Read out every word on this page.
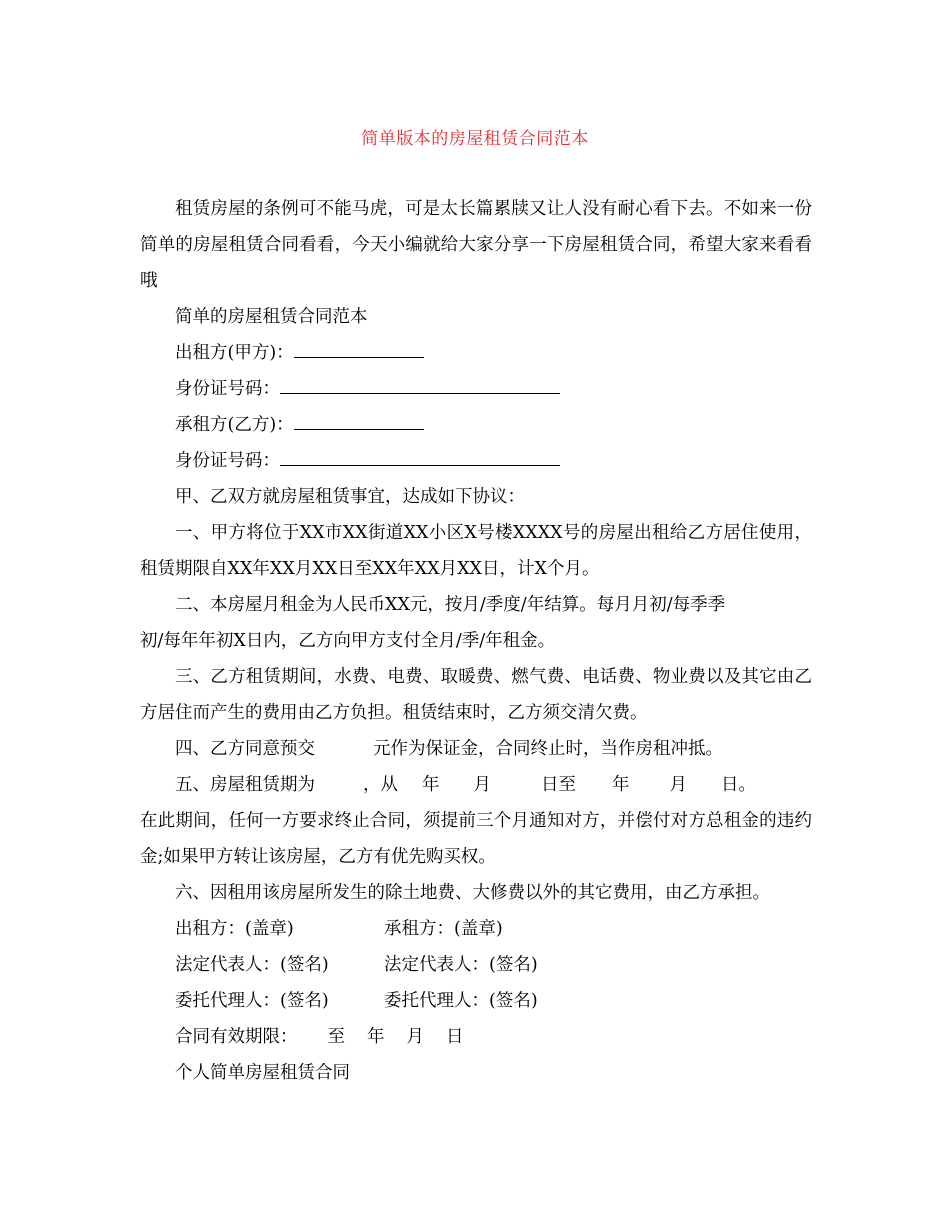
简单版本的房屋租赁合同范本

租赁房屋的条例可不能马虎，可是太长篇累牍又让人没有耐心看下去。不如来一份简单的房屋租赁合同看看，今天小编就给大家分享一下房屋租赁合同，希望大家来看看哦

简单的房屋租赁合同范本

出租方(甲方)：

身份证号码：

承租方(乙方)：

身份证号码：

甲、乙双方就房屋租赁事宜，达成如下协议：

一、甲方将位于XX市XX街道XX小区X号楼XXXX号的房屋出租给乙方居住使用，租赁期限自XX年XX月XX日至XX年XX月XX日，计X个月。

二、本房屋月租金为人民币XX元，按月/季度/年结算。每月月初/每季季

初/每年年初X日内，乙方向甲方支付全月/季/年租金。

三、乙方租赁期间，水费、电费、取暖费、燃气费、电话费、物业费以及其它由乙方居住而产生的费用由乙方负担。租赁结束时，乙方须交清欠费。

四、乙方同意预交	元作为保证金，合同终止时，当作房租冲抵。

五、房屋租赁期为	，从 年 月	日至 年 月 日。

在此期间，任何一方要求终止合同，须提前三个月通知对方，并偿付对方总租金的违约金;如果甲方转让该房屋，乙方有优先购买权。

六、因租用该房屋所发生的除土地费、大修费以外的其它费用，由乙方承担。

出租方：(盖章)	承租方：(盖章)

法定代表人：(签名)	法定代表人：(签名)

委托代理人：(签名)	委托代理人：(签名)

合同有效期限： 至 年 月 日

个人简单房屋租赁合同
